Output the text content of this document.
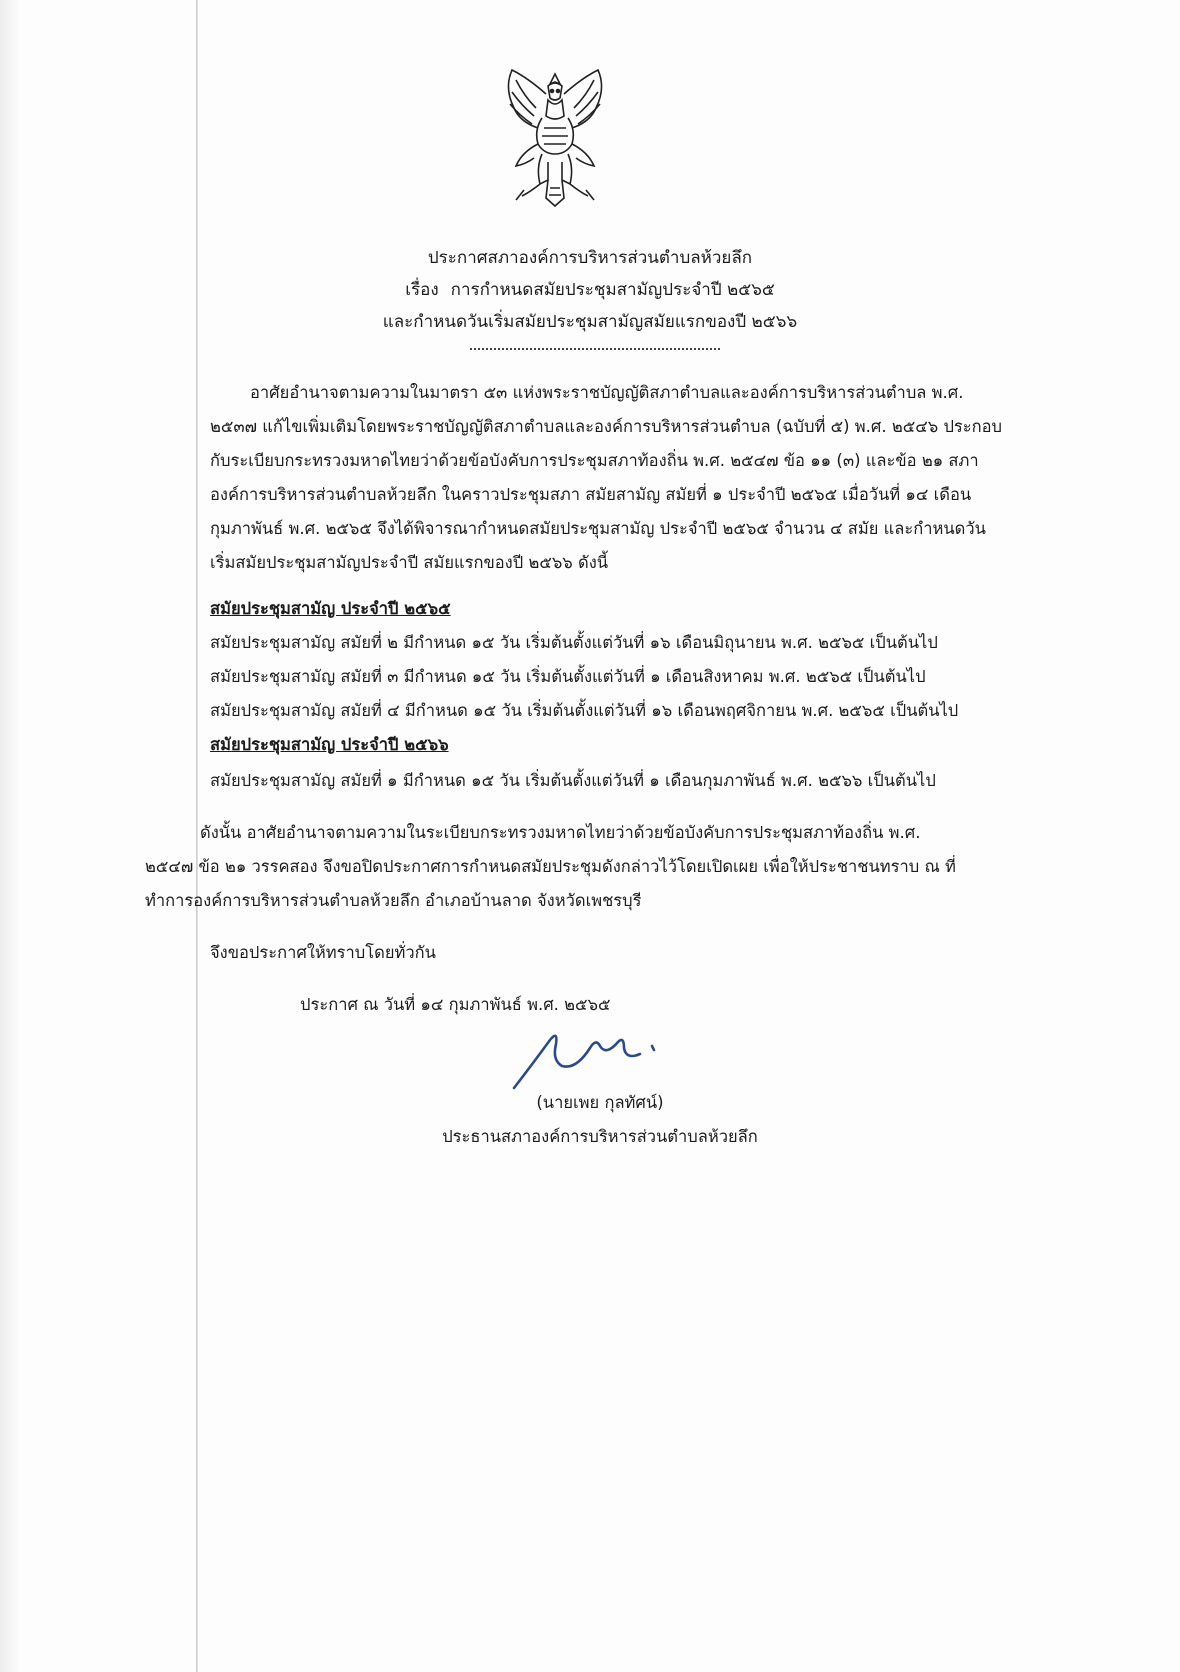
ประกาศสภาองค์การบริหารส่วนตำบลห้วยลึก
เรื่อง การกำหนดสมัยประชุมสามัญประจำปี ๒๕๖๕
และกำหนดวันเริ่มสมัยประชุมสามัญสมัยแรกของปี ๒๕๖๖
อาศัยอำนาจตามความในมาตรา ๕๓ แห่งพระราชบัญญัติสภาตำบลและองค์การบริหารส่วนตำบล พ.ศ.
๒๕๓๗ แก้ไขเพิ่มเติมโดยพระราชบัญญัติสภาตำบลและองค์การบริหารส่วนตำบล (ฉบับที่ ๕) พ.ศ. ๒๕๔๖ ประกอบ
กับระเบียบกระทรวงมหาดไทยว่าด้วยข้อบังคับการประชุมสภาท้องถิ่น พ.ศ. ๒๕๔๗ ข้อ ๑๑ (๓) และข้อ ๒๑ สภา
องค์การบริหารส่วนตำบลห้วยลึก ในคราวประชุมสภา สมัยสามัญ สมัยที่ ๑ ประจำปี ๒๕๖๕ เมื่อวันที่ ๑๔ เดือน
กุมภาพันธ์ พ.ศ. ๒๕๖๕ จึงได้พิจารณากำหนดสมัยประชุมสามัญ ประจำปี ๒๕๖๕ จำนวน ๔ สมัย และกำหนดวัน
เริ่มสมัยประชุมสามัญประจำปี สมัยแรกของปี ๒๕๖๖ ดังนี้
สมัยประชุมสามัญ ประจำปี ๒๕๖๕
สมัยประชุมสามัญ สมัยที่ ๒ มีกำหนด ๑๕ วัน เริ่มต้นตั้งแต่วันที่ ๑๖ เดือนมิถุนายน พ.ศ. ๒๕๖๕ เป็นต้นไป
สมัยประชุมสามัญ สมัยที่ ๓ มีกำหนด ๑๕ วัน เริ่มต้นตั้งแต่วันที่ ๑ เดือนสิงหาคม พ.ศ. ๒๕๖๕ เป็นต้นไป
สมัยประชุมสามัญ สมัยที่ ๔ มีกำหนด ๑๕ วัน เริ่มต้นตั้งแต่วันที่ ๑๖ เดือนพฤศจิกายน พ.ศ. ๒๕๖๕ เป็นต้นไป
สมัยประชุมสามัญ ประจำปี ๒๕๖๖
สมัยประชุมสามัญ สมัยที่ ๑ มีกำหนด ๑๕ วัน เริ่มต้นตั้งแต่วันที่ ๑ เดือนกุมภาพันธ์ พ.ศ. ๒๕๖๖ เป็นต้นไป
ดังนั้น อาศัยอำนาจตามความในระเบียบกระทรวงมหาดไทยว่าด้วยข้อบังคับการประชุมสภาท้องถิ่น พ.ศ.
๒๕๔๗ ข้อ ๒๑ วรรคสอง จึงขอปิดประกาศการกำหนดสมัยประชุมดังกล่าวไว้โดยเปิดเผย เพื่อให้ประชาชนทราบ ณ ที่
ทำการองค์การบริหารส่วนตำบลห้วยลึก อำเภอบ้านลาด จังหวัดเพชรบุรี
จึงขอประกาศให้ทราบโดยทั่วกัน
ประกาศ ณ วันที่ ๑๔ กุมภาพันธ์ พ.ศ. ๒๕๖๕
(นายเพย กุลทัศน์)
ประธานสภาองค์การบริหารส่วนตำบลห้วยลึก
